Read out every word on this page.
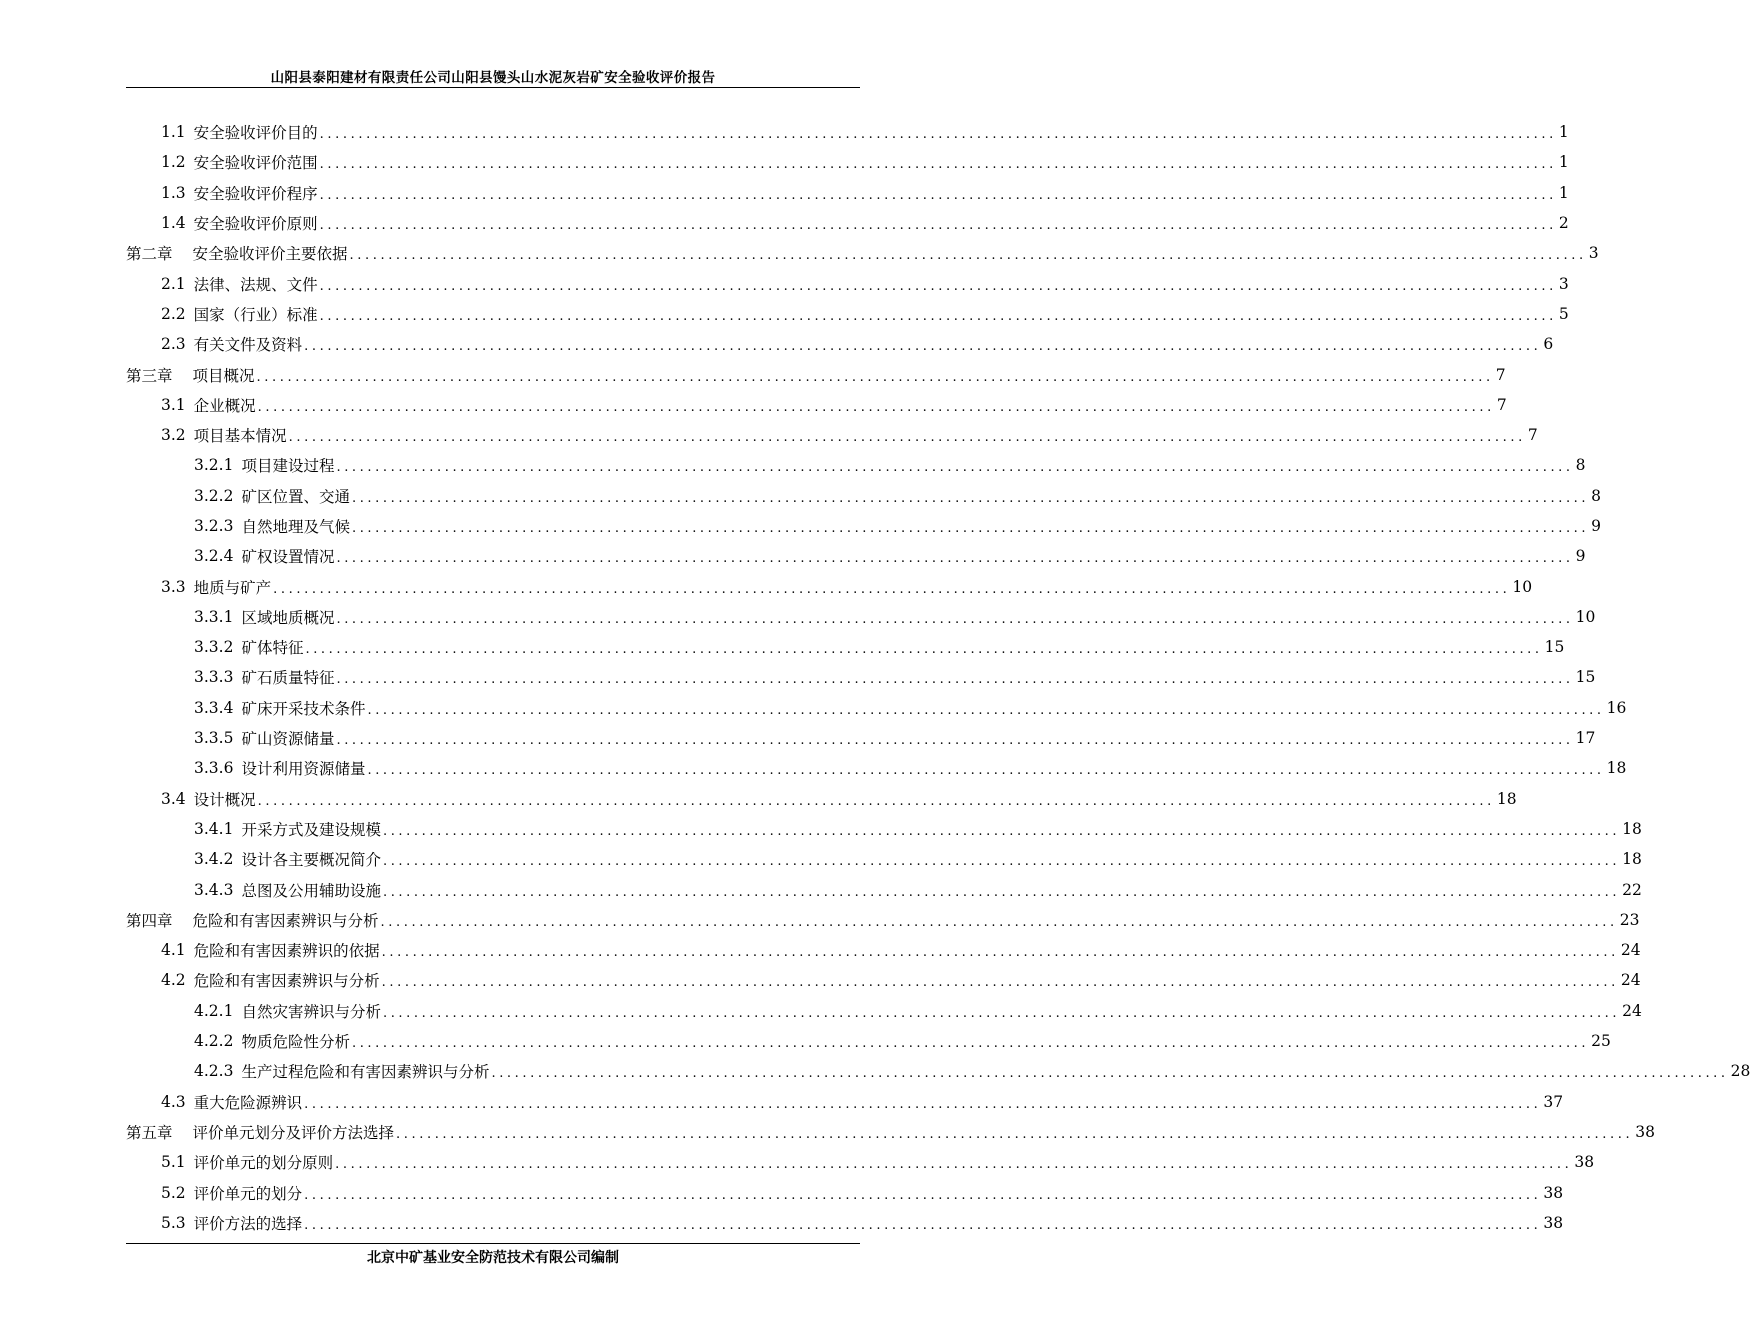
山阳县泰阳建材有限责任公司山阳县馒头山水泥灰岩矿安全验收评价报告
1.1 安全验收评价目的 ................................................................................................................................................................ 1
1.2 安全验收评价范围 ................................................................................................................................................................ 1
1.3 安全验收评价程序 ................................................................................................................................................................ 1
1.4 安全验收评价原则 ................................................................................................................................................................ 2
第二章 安全验收评价主要依据 ................................................................................................................................................................ 3
2.1 法律、法规、文件 ................................................................................................................................................................ 3
2.2 国家（行业）标准 ................................................................................................................................................................ 5
2.3 有关文件及资料 ................................................................................................................................................................ 6
第三章 项目概况 ................................................................................................................................................................ 7
3.1 企业概况 ................................................................................................................................................................ 7
3.2 项目基本情况 ................................................................................................................................................................ 7
3.2.1 项目建设过程 ................................................................................................................................................................ 8
3.2.2 矿区位置、交通 ................................................................................................................................................................ 8
3.2.3 自然地理及气候 ................................................................................................................................................................ 9
3.2.4 矿权设置情况 ................................................................................................................................................................ 9
3.3 地质与矿产 ................................................................................................................................................................ 10
3.3.1 区域地质概况 ................................................................................................................................................................ 10
3.3.2 矿体特征 ................................................................................................................................................................ 15
3.3.3 矿石质量特征 ................................................................................................................................................................ 15
3.3.4 矿床开采技术条件 ................................................................................................................................................................ 16
3.3.5 矿山资源储量 ................................................................................................................................................................ 17
3.3.6 设计利用资源储量 ................................................................................................................................................................ 18
3.4 设计概况 ................................................................................................................................................................ 18
3.4.1 开采方式及建设规模 ................................................................................................................................................................ 18
3.4.2 设计各主要概况简介 ................................................................................................................................................................ 18
3.4.3 总图及公用辅助设施 ................................................................................................................................................................ 22
第四章 危险和有害因素辨识与分析 ................................................................................................................................................................ 23
4.1 危险和有害因素辨识的依据 ................................................................................................................................................................ 24
4.2 危险和有害因素辨识与分析 ................................................................................................................................................................ 24
4.2.1 自然灾害辨识与分析 ................................................................................................................................................................ 24
4.2.2 物质危险性分析 ................................................................................................................................................................ 25
4.2.3 生产过程危险和有害因素辨识与分析 ................................................................................................................................................................ 28
4.3 重大危险源辨识 ................................................................................................................................................................ 37
第五章 评价单元划分及评价方法选择 ................................................................................................................................................................ 38
5.1 评价单元的划分原则 ................................................................................................................................................................ 38
5.2 评价单元的划分 ................................................................................................................................................................ 38
5.3 评价方法的选择 ................................................................................................................................................................ 38
北京中矿基业安全防范技术有限公司编制
